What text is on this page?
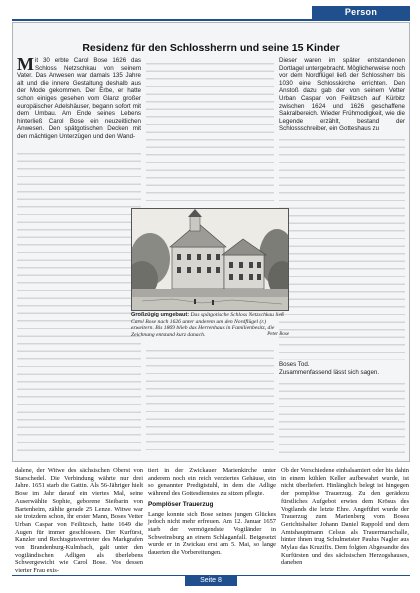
Person
Residenz für den Schlossherrn und seine 15 Kinder
M it 30 erbte Carol Bose 1626 das Schloss Netzschkau von seinem Vater. Das Anwesen war damals 135 Jahre alt und die innere Gestaltung deshalb aus der Mode gekommen. Der Erbe, er hatte schon einiges gesehen vom Glanz großer europäischer Adelshäuser, begann sofort mit dem Umbau. Am Ende seines Lebens hinterließ Carol Bose ein neuzeitlichen Anwesen. Den spätgotischen Decken mit den mächtigen Unterzügen und den Wand-
Dieser waren im später entstandenen Dortlagel untergebracht. Möglicherweise noch vor dem Nordflügel ließ der Schlossherr bis 1030 eine Schlosskirche errichten. Den Anstoß dazu gab der von seinem Vetter Urban Caspar von Feilitzsch auf Kürbitz zwischen 1624 und 1626 geschaffene Sakralbereich. Wieder Frühmodigkeit, wie die Legende erzählt, bestand der Schlossschreiber, ein Gotteshaus zu
Boses Tod.
Zusammenfassend lässt sich sagen.
Großzügig umgebaut: Das spätgotische Schloss Netzschkau ließ Carol Bose nach 1626 unter anderem um den Nordflügel (r.) erweitern. Bis 1869 blieb das Herrenhaus in Familienbesitz, die Zeichnung entstand kurz danach.	Peter Bose
dalene, der Witwe des sächsischen Oberst von Starschedel. Die Verbindung währte nur drei Jahre. 1651 starb die Gattin. Als 56-Jähriger hielt Bose im Jahr darauf ein viertes Mal, seine Auserwählte Sophie, geborene Steibarin von Bartenheim, zählte gerade 25 Lenze. Witwe war sie trotzdem schon, ihr erster Mann, Boses Vetter Urban Caspar von Feilitzsch, hatte 1649 die Augen für immer geschlossen. Der Kurfürst, Kanzler und Rechtsgutsvertreter des Markgrafen von Brandenburg-Kulmbach, galt unter den vogtländischen Adligen als überlebens Schwergewicht wie Carol Bose. Vos dessen vierter Frau exis-
tiert in der Zwickauer Marienkirche unter anderem noch ein reich verziertes Gehäuse, ein so genannter Predigtstuhl, in dem die Adlige während des Gottesdienstes zu sitzen pflegte.
Pomplöser Trauerzug
Lange konnte sich Bose seines jungen Glückes jedoch nicht mehr erfreuen. Am 12. Januar 1657 starb der vermögendste Vogtländer in Schweinsburg an einem Schlaganfall. Beigesetzt wurde er in Zwickau erst am 5. Mai, so lange dauerten die Vorbereitungen.
Ob der Verschiedene einbalsamiert oder bis dahin in einem kühlen Keller aufbewahrt wurde, ist nicht überliefert. Hinlänglich belegt ist hingegen der pomplöse Trauerzug. Zu den gerädezu fürstliches Aufgebot erwies dem Krösus des Vogtlands die letzte Ehre. Angeführt wurde der Trauerzug zum Marienberg vom Bosea Gerichtshalter Johann Daniel Rappold und dem Amtshauptmann Celsus als Trauermarschalle, hinter ihnen trug Schulmeister Paulus Nagler aus Mylau das Kruzifix. Dem folgten Abgesandte des Kurfürsten und des sächsischen Herzogshauses, daneben
Seite 8
